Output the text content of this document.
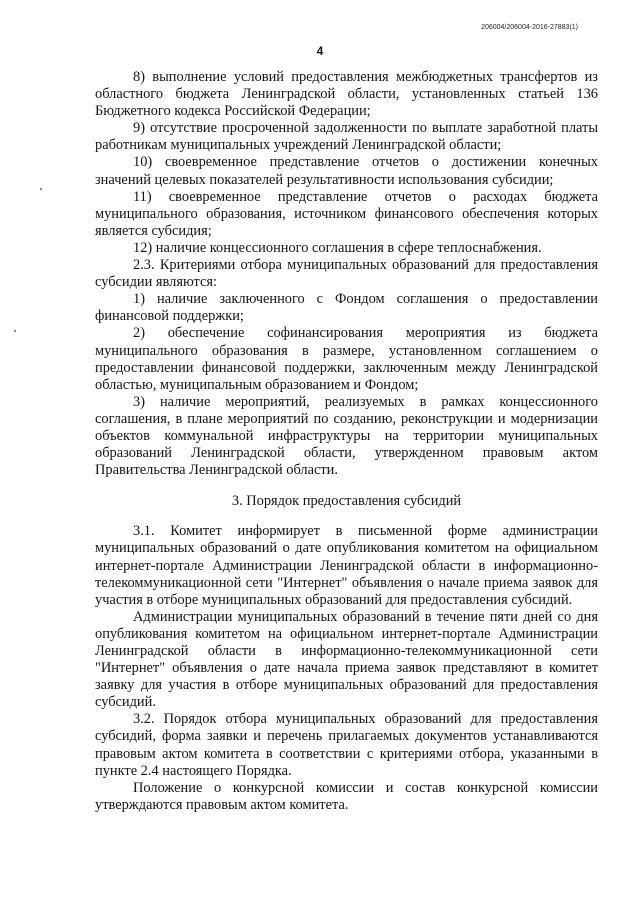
206004/206004-2016-27883(1)
4

8) выполнение условий предоставления межбюджетных трансфертов из областного бюджета Ленинградской области, установленных статьей 136 Бюджетного кодекса Российской Федерации;

9) отсутствие просроченной задолженности по выплате заработной платы работникам муниципальных учреждений Ленинградской области;

10) своевременное представление отчетов о достижении конечных значений целевых показателей результативности использования субсидии;

11) своевременное представление отчетов о расходах бюджета муниципального образования, источником финансового обеспечения которых является субсидия;

12) наличие концессионного соглашения в сфере теплоснабжения.

2.3. Критериями отбора муниципальных образований для предоставления субсидии являются:

1) наличие заключенного с Фондом соглашения о предоставлении финансовой поддержки;

2) обеспечение софинансирования мероприятия из бюджета муниципального образования в размере, установленном соглашением о предоставлении финансовой поддержки, заключенным между Ленинградской областью, муниципальным образованием и Фондом;

3) наличие мероприятий, реализуемых в рамках концессионного соглашения, в плане мероприятий по созданию, реконструкции и модернизации объектов коммунальной инфраструктуры на территории муниципальных образований Ленинградской области, утвержденном правовым актом Правительства Ленинградской области.

3. Порядок предоставления субсидий

3.1. Комитет информирует в письменной форме администрации муниципальных образований о дате опубликования комитетом на официальном интернет-портале Администрации Ленинградской области в информационно-телекоммуникационной сети "Интернет" объявления о начале приема заявок для участия в отборе муниципальных образований для предоставления субсидий.

Администрации муниципальных образований в течение пяти дней со дня опубликования комитетом на официальном интернет-портале Администрации Ленинградской области в информационно-телекоммуникационной сети "Интернет" объявления о дате начала приема заявок представляют в комитет заявку для участия в отборе муниципальных образований для предоставления субсидий.

3.2. Порядок отбора муниципальных образований для предоставления субсидий, форма заявки и перечень прилагаемых документов устанавливаются правовым актом комитета в соответствии с критериями отбора, указанными в пункте 2.4 настоящего Порядка.

Положение о конкурсной комиссии и состав конкурсной комиссии утверждаются правовым актом комитета.
